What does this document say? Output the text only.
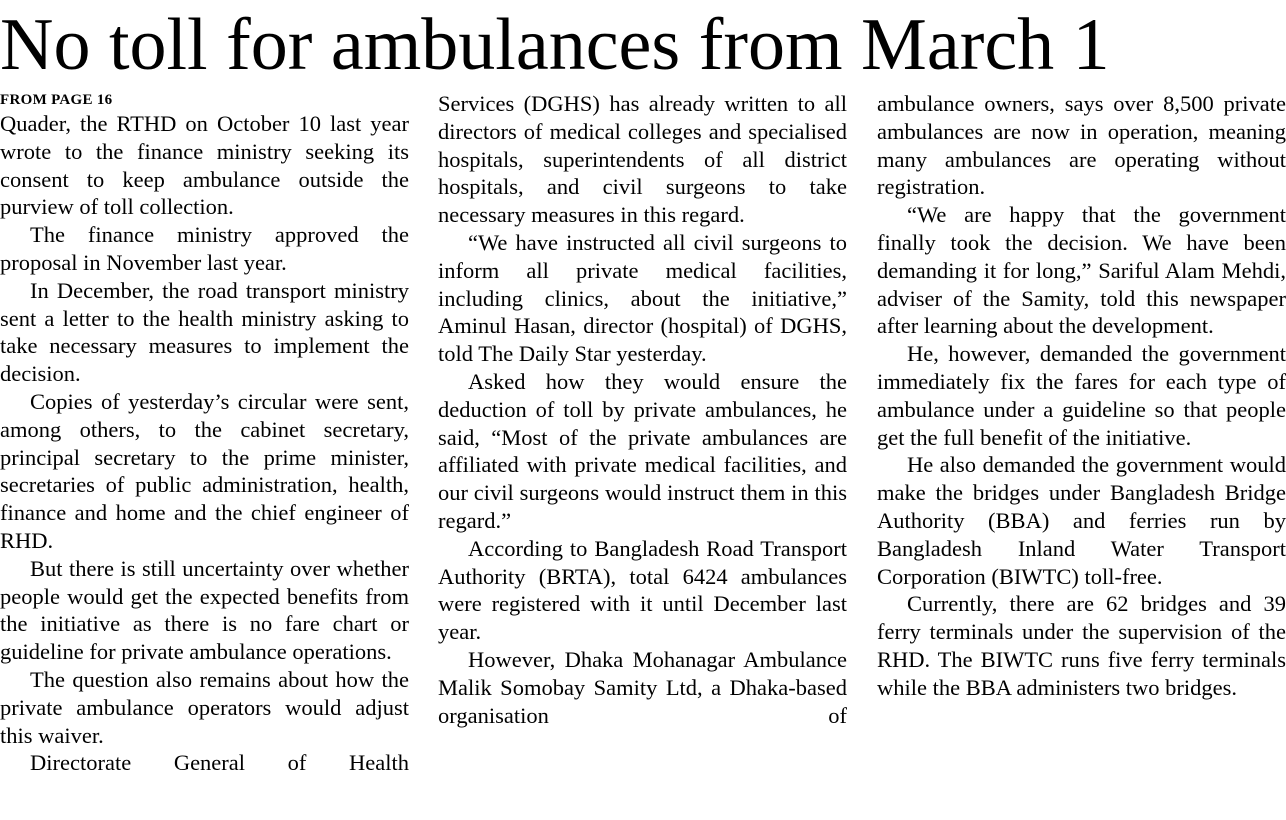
No toll for ambulances from March 1

FROM PAGE 16

Quader, the RTHD on October 10 last year wrote to the finance ministry seeking its consent to keep ambulance outside the purview of toll collection.

The finance ministry approved the proposal in November last year.

In December, the road transport ministry sent a letter to the health ministry asking to take necessary measures to implement the decision.

Copies of yesterday’s circular were sent, among others, to the cabinet secretary, principal secretary to the prime minister, secretaries of public administration, health, finance and home and the chief engineer of RHD.

But there is still uncertainty over whether people would get the expected benefits from the initiative as there is no fare chart or guideline for private ambulance operations.

The question also remains about how the private ambulance operators would adjust this waiver.

Directorate General of Health

Services (DGHS) has already written to all directors of medical colleges and specialised hospitals, superintendents of all district hospitals, and civil surgeons to take necessary measures in this regard.

“We have instructed all civil surgeons to inform all private medical facilities, including clinics, about the initiative,” Aminul Hasan, director (hospital) of DGHS, told The Daily Star yesterday.

Asked how they would ensure the deduction of toll by private ambulances, he said, “Most of the private ambulances are affiliated with private medical facilities, and our civil surgeons would instruct them in this regard.”

According to Bangladesh Road Transport Authority (BRTA), total 6424 ambulances were registered with it until December last year.

However, Dhaka Mohanagar Ambulance Malik Somobay Samity Ltd, a Dhaka-based organisation of

ambulance owners, says over 8,500 private ambulances are now in operation, meaning many ambulances are operating without registration.

“We are happy that the government finally took the decision. We have been demanding it for long,” Sariful Alam Mehdi, adviser of the Samity, told this newspaper after learning about the development.

He, however, demanded the government immediately fix the fares for each type of ambulance under a guideline so that people get the full benefit of the initiative.

He also demanded the government would make the bridges under Bangladesh Bridge Authority (BBA) and ferries run by Bangladesh Inland Water Transport Corporation (BIWTC) toll-free.

Currently, there are 62 bridges and 39 ferry terminals under the supervision of the RHD. The BIWTC runs five ferry terminals while the BBA administers two bridges.
